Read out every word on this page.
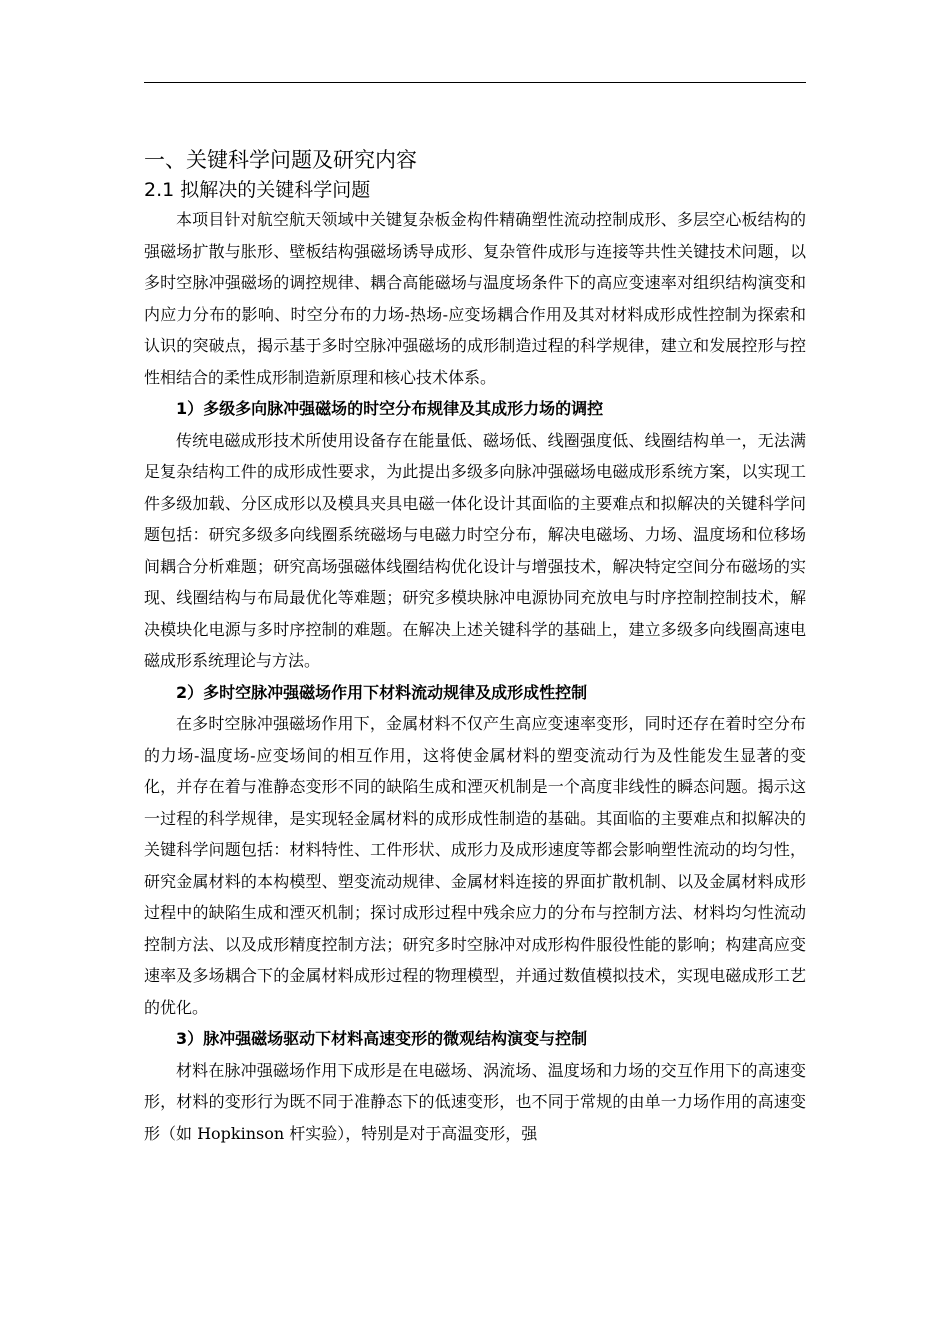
一、关键科学问题及研究内容
2.1 拟解决的关键科学问题

本项目针对航空航天领域中关键复杂板金构件精确塑性流动控制成形、多层空心板结构的强磁场扩散与胀形、壁板结构强磁场诱导成形、复杂管件成形与连接等共性关键技术问题，以多时空脉冲强磁场的调控规律、耦合高能磁场与温度场条件下的高应变速率对组织结构演变和内应力分布的影响、时空分布的力场-热场-应变场耦合作用及其对材料成形成性控制为探索和认识的突破点，揭示基于多时空脉冲强磁场的成形制造过程的科学规律，建立和发展控形与控性相结合的柔性成形制造新原理和核心技术体系。

1）多级多向脉冲强磁场的时空分布规律及其成形力场的调控

传统电磁成形技术所使用设备存在能量低、磁场低、线圈强度低、线圈结构单一，无法满足复杂结构工件的成形成性要求，为此提出多级多向脉冲强磁场电磁成形系统方案，以实现工件多级加载、分区成形以及模具夹具电磁一体化设计其面临的主要难点和拟解决的关键科学问题包括：研究多级多向线圈系统磁场与电磁力时空分布，解决电磁场、力场、温度场和位移场间耦合分析难题；研究高场强磁体线圈结构优化设计与增强技术，解决特定空间分布磁场的实现、线圈结构与布局最优化等难题；研究多模块脉冲电源协同充放电与时序控制控制技术，解决模块化电源与多时序控制的难题。在解决上述关键科学的基础上，建立多级多向线圈高速电磁成形系统理论与方法。

2）多时空脉冲强磁场作用下材料流动规律及成形成性控制

在多时空脉冲强磁场作用下，金属材料不仅产生高应变速率变形，同时还存在着时空分布的力场-温度场-应变场间的相互作用，这将使金属材料的塑变流动行为及性能发生显著的变化，并存在着与准静态变形不同的缺陷生成和湮灭机制是一个高度非线性的瞬态问题。揭示这一过程的科学规律，是实现轻金属材料的成形成性制造的基础。其面临的主要难点和拟解决的关键科学问题包括：材料特性、工件形状、成形力及成形速度等都会影响塑性流动的均匀性，研究金属材料的本构模型、塑变流动规律、金属材料连接的界面扩散机制、以及金属材料成形过程中的缺陷生成和湮灭机制；探讨成形过程中残余应力的分布与控制方法、材料均匀性流动控制方法、以及成形精度控制方法；研究多时空脉冲对成形构件服役性能的影响；构建高应变速率及多场耦合下的金属材料成形过程的物理模型，并通过数值模拟技术，实现电磁成形工艺的优化。

3）脉冲强磁场驱动下材料高速变形的微观结构演变与控制

材料在脉冲强磁场作用下成形是在电磁场、涡流场、温度场和力场的交互作用下的高速变形，材料的变形行为既不同于准静态下的低速变形，也不同于常规的由单一力场作用的高速变形（如 Hopkinson 杆实验），特别是对于高温变形，强
